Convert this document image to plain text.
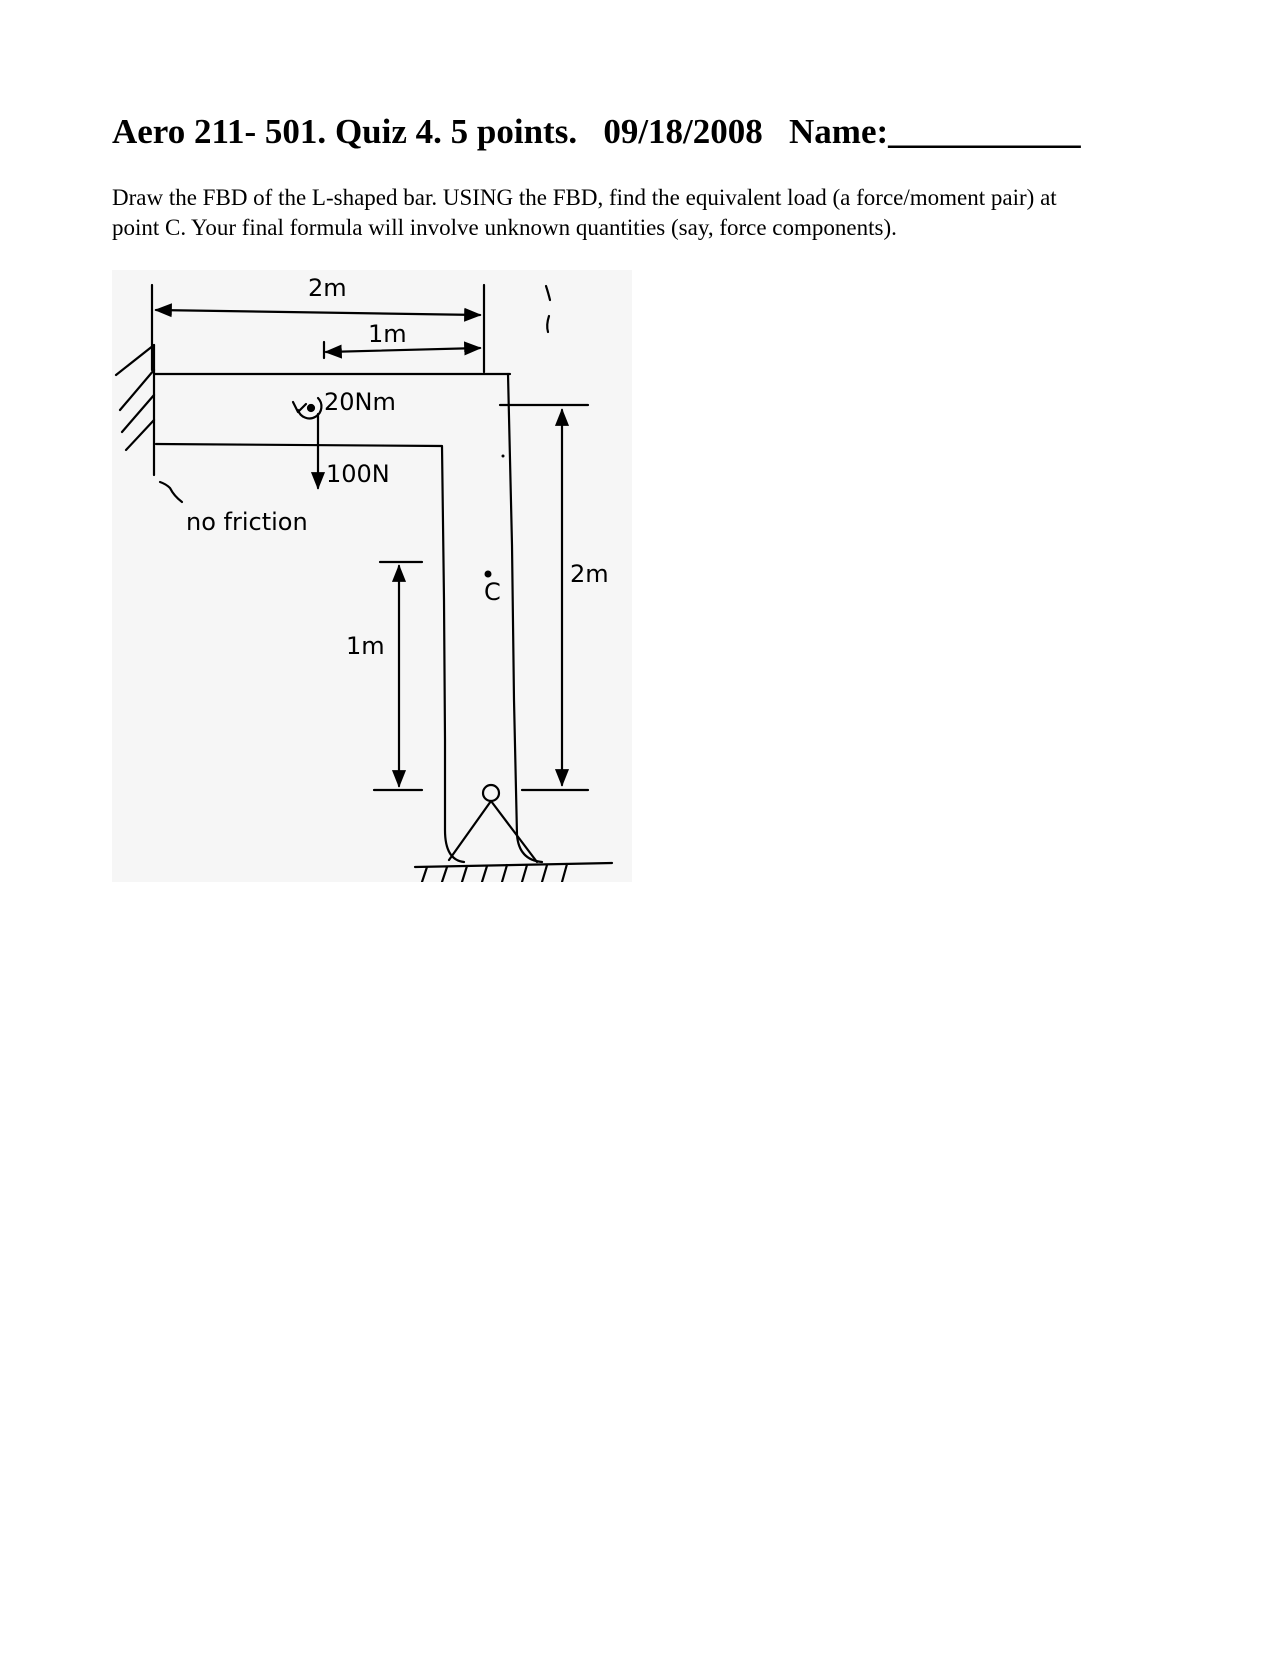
Aero 211- 501. Quiz 4. 5 points. 09/18/2008 Name:___________
Draw the FBD of the L-shaped bar. USING the FBD, find the equivalent load (a force/moment pair) at
point C. Your final formula will involve unknown quantities (say, force components).
2m
1m
20Nm
100N
no friction
C
2m
1m
